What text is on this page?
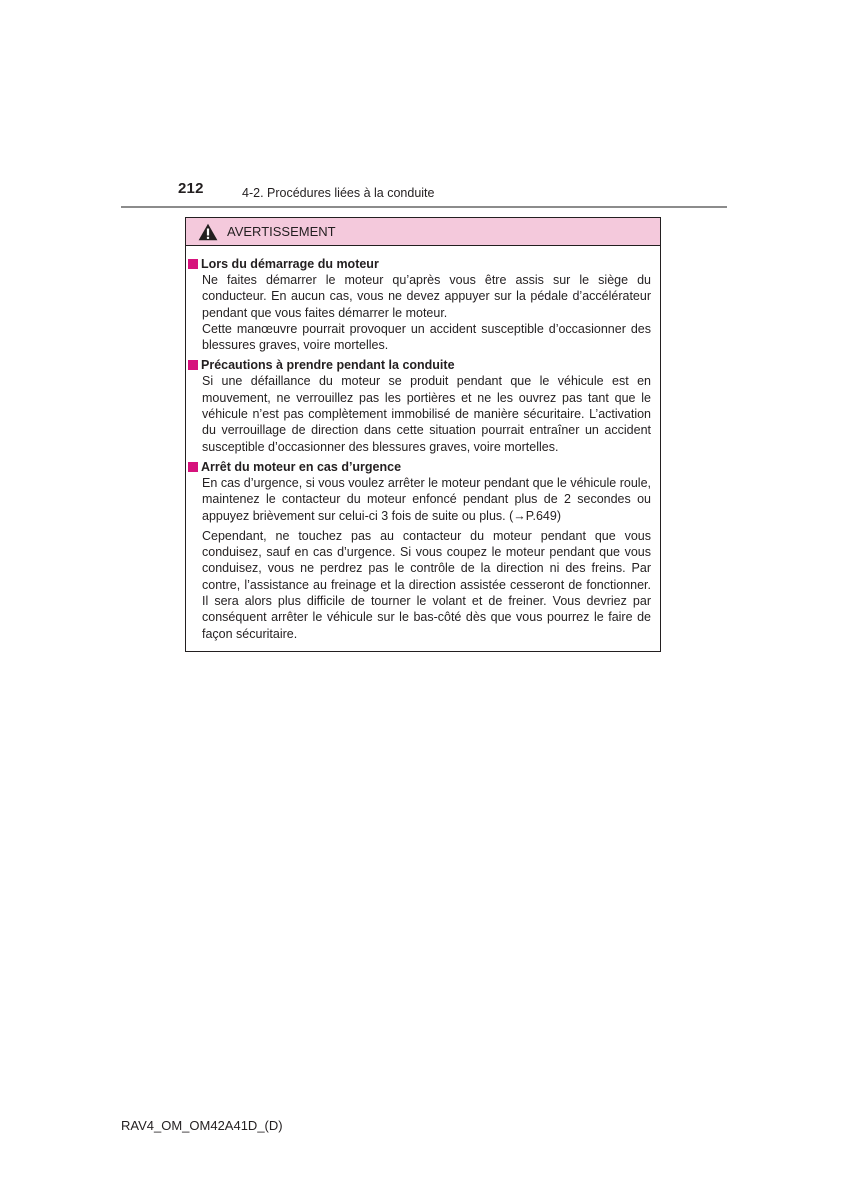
212	4-2. Procédures liées à la conduite
AVERTISSEMENT
Lors du démarrage du moteur

Ne faites démarrer le moteur qu’après vous être assis sur le siège du conducteur. En aucun cas, vous ne devez appuyer sur la pédale d’accélérateur pendant que vous faites démarrer le moteur.

Cette manœuvre pourrait provoquer un accident susceptible d’occasionner des blessures graves, voire mortelles.

Précautions à prendre pendant la conduite

Si une défaillance du moteur se produit pendant que le véhicule est en mouvement, ne verrouillez pas les portières et ne les ouvrez pas tant que le véhicule n’est pas complètement immobilisé de manière sécuritaire. L’activation du verrouillage de direction dans cette situation pourrait entraîner un accident susceptible d’occasionner des blessures graves, voire mortelles.

Arrêt du moteur en cas d’urgence

En cas d’urgence, si vous voulez arrêter le moteur pendant que le véhicule roule, maintenez le contacteur du moteur enfoncé pendant plus de 2 secondes ou appuyez brièvement sur celui-ci 3 fois de suite ou plus. (→P.649)

Cependant, ne touchez pas au contacteur du moteur pendant que vous conduisez, sauf en cas d’urgence. Si vous coupez le moteur pendant que vous conduisez, vous ne perdrez pas le contrôle de la direction ni des freins. Par contre, l’assistance au freinage et la direction assistée cesseront de fonctionner. Il sera alors plus difficile de tourner le volant et de freiner. Vous devriez par conséquent arrêter le véhicule sur le bas-côté dès que vous pourrez le faire de façon sécuritaire.

RAV4_OM_OM42A41D_(D)
